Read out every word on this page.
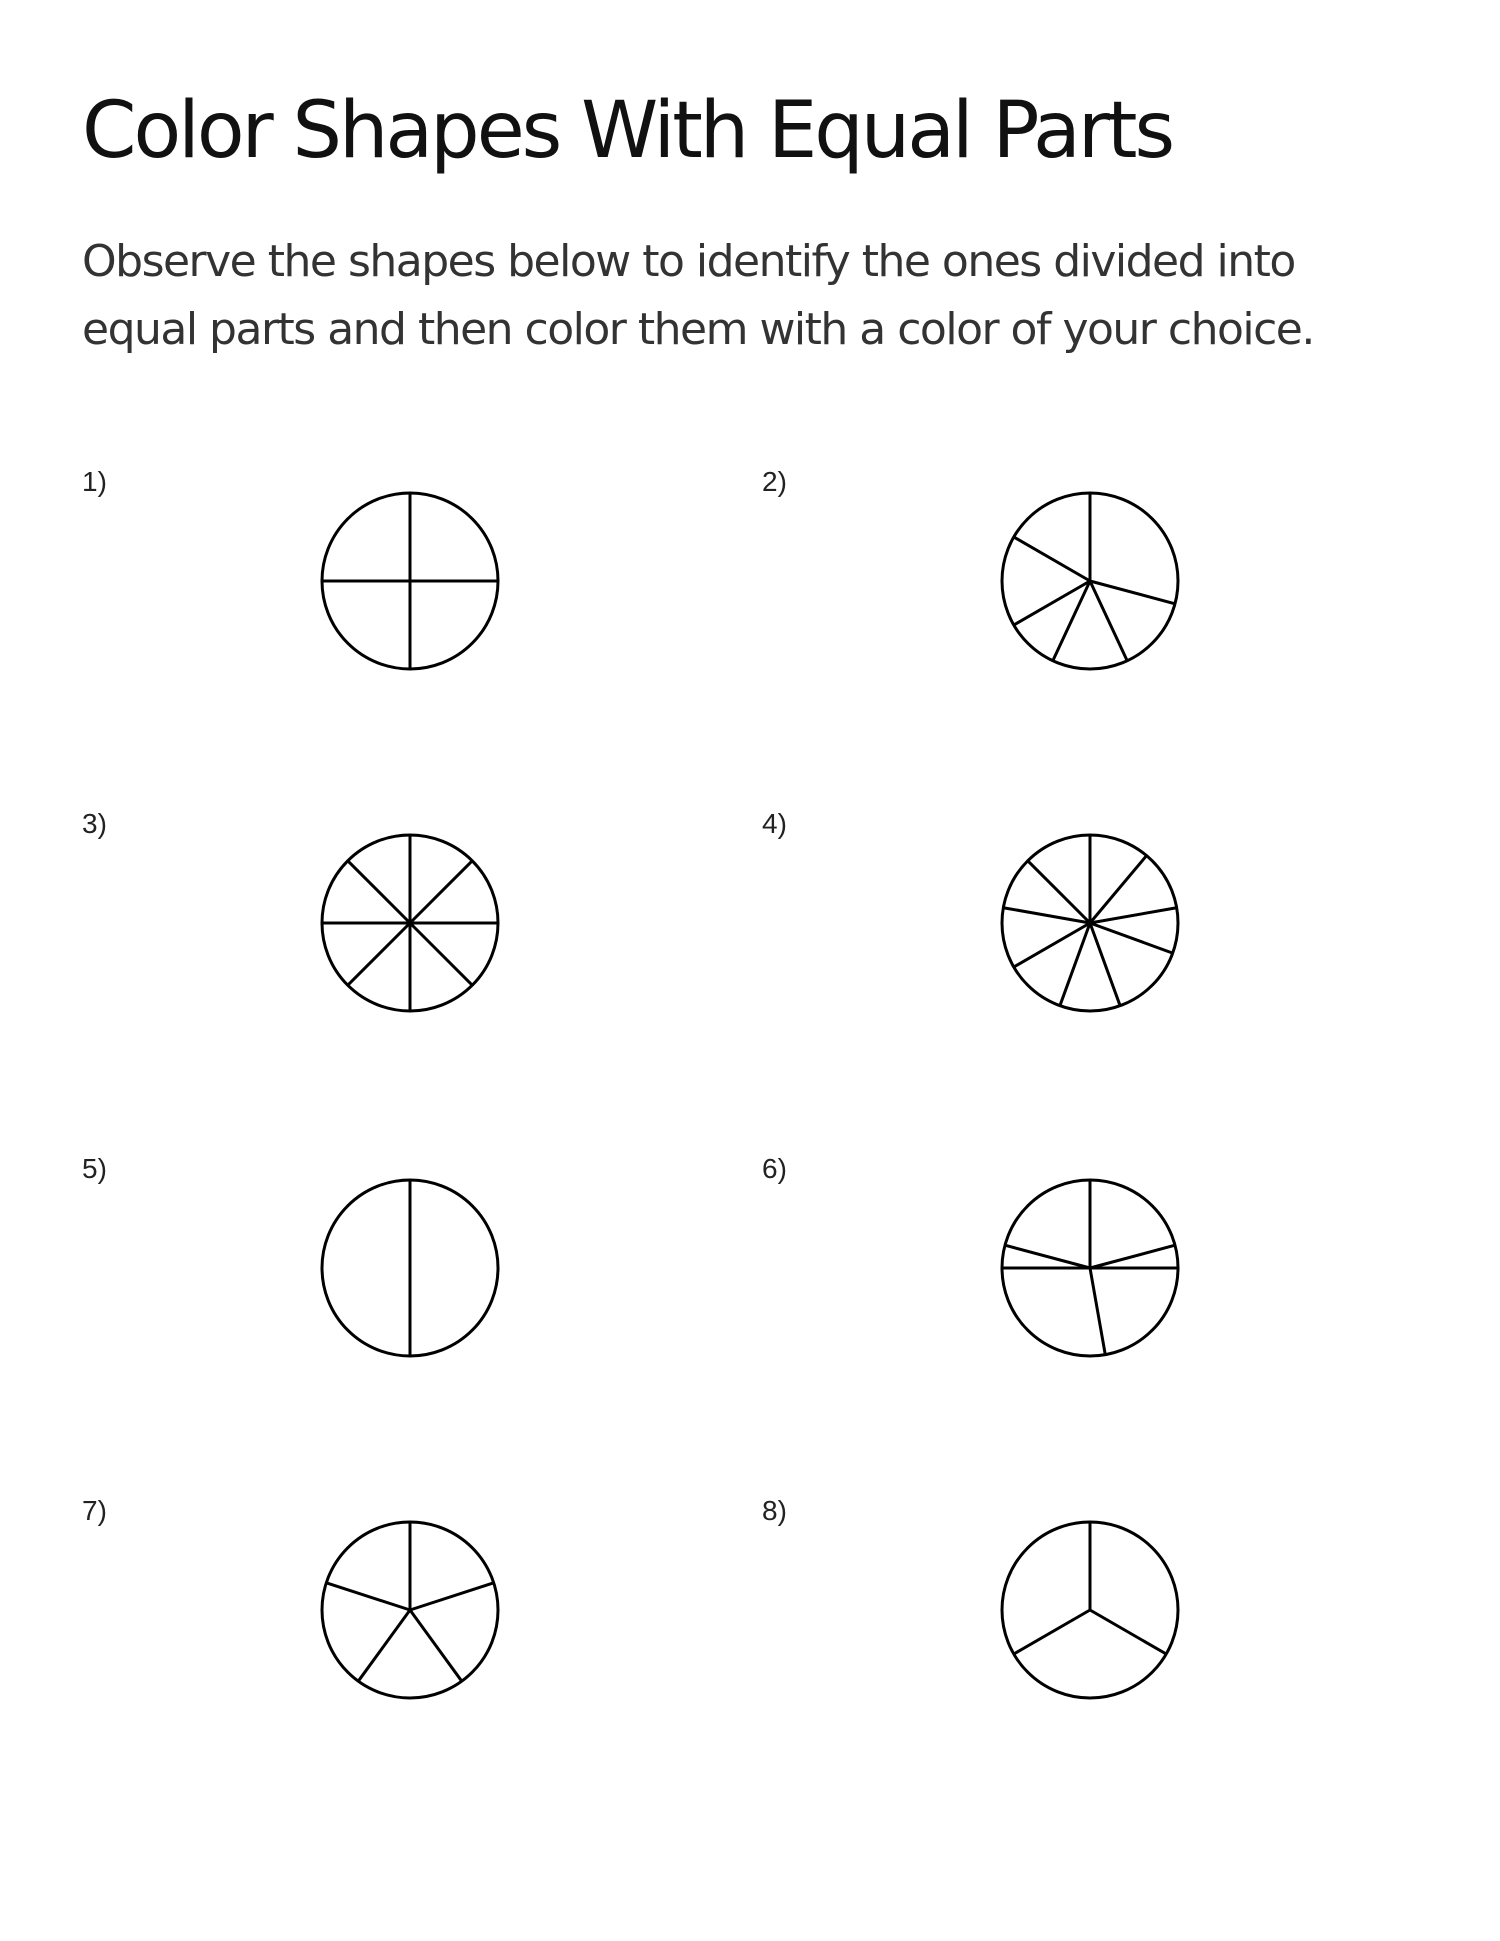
Color Shapes With Equal Parts

Observe the shapes below to identify the ones divided into equal parts and then color them with a color of your choice.

1)	2)
3)	4)
5)	6)
7)	8)
